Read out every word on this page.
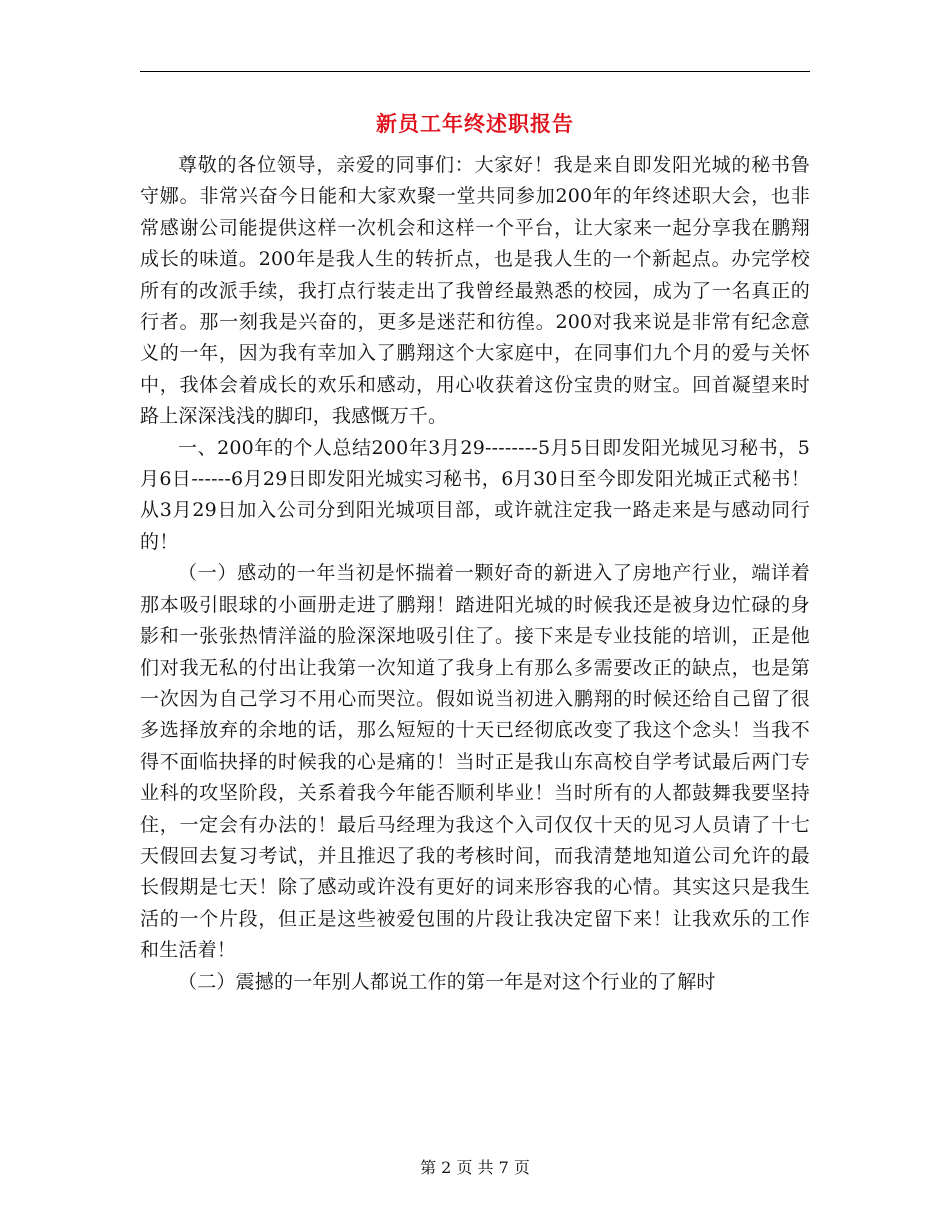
新员工年终述职报告

尊敬的各位领导，亲爱的同事们：大家好！我是来自即发阳光城的秘书鲁守娜。非常兴奋今日能和大家欢聚一堂共同参加200年的年终述职大会，也非常感谢公司能提供这样一次机会和这样一个平台，让大家来一起分享我在鹏翔成长的味道。200年是我人生的转折点，也是我人生的一个新起点。办完学校所有的改派手续，我打点行装走出了我曾经最熟悉的校园，成为了一名真正的行者。那一刻我是兴奋的，更多是迷茫和彷徨。200对我来说是非常有纪念意义的一年，因为我有幸加入了鹏翔这个大家庭中，在同事们九个月的爱与关怀中，我体会着成长的欢乐和感动，用心收获着这份宝贵的财宝。回首凝望来时路上深深浅浅的脚印，我感慨万千。

一、200年的个人总结200年3月29--------5月5日即发阳光城见习秘书，5月6日------6月29日即发阳光城实习秘书，6月30日至今即发阳光城正式秘书！从3月29日加入公司分到阳光城项目部，或许就注定我一路走来是与感动同行的！

（一）感动的一年当初是怀揣着一颗好奇的新进入了房地产行业，端详着那本吸引眼球的小画册走进了鹏翔！踏进阳光城的时候我还是被身边忙碌的身影和一张张热情洋溢的脸深深地吸引住了。接下来是专业技能的培训，正是他们对我无私的付出让我第一次知道了我身上有那么多需要改正的缺点，也是第一次因为自己学习不用心而哭泣。假如说当初进入鹏翔的时候还给自己留了很多选择放弃的余地的话，那么短短的十天已经彻底改变了我这个念头！当我不得不面临抉择的时候我的心是痛的！当时正是我山东高校自学考试最后两门专业科的攻坚阶段，关系着我今年能否顺利毕业！当时所有的人都鼓舞我要坚持住，一定会有办法的！最后马经理为我这个入司仅仅十天的见习人员请了十七天假回去复习考试，并且推迟了我的考核时间，而我清楚地知道公司允许的最长假期是七天！除了感动或许没有更好的词来形容我的心情。其实这只是我生活的一个片段，但正是这些被爱包围的片段让我决定留下来！让我欢乐的工作和生活着！

（二）震撼的一年别人都说工作的第一年是对这个行业的了解时

第 2 页 共 7 页
